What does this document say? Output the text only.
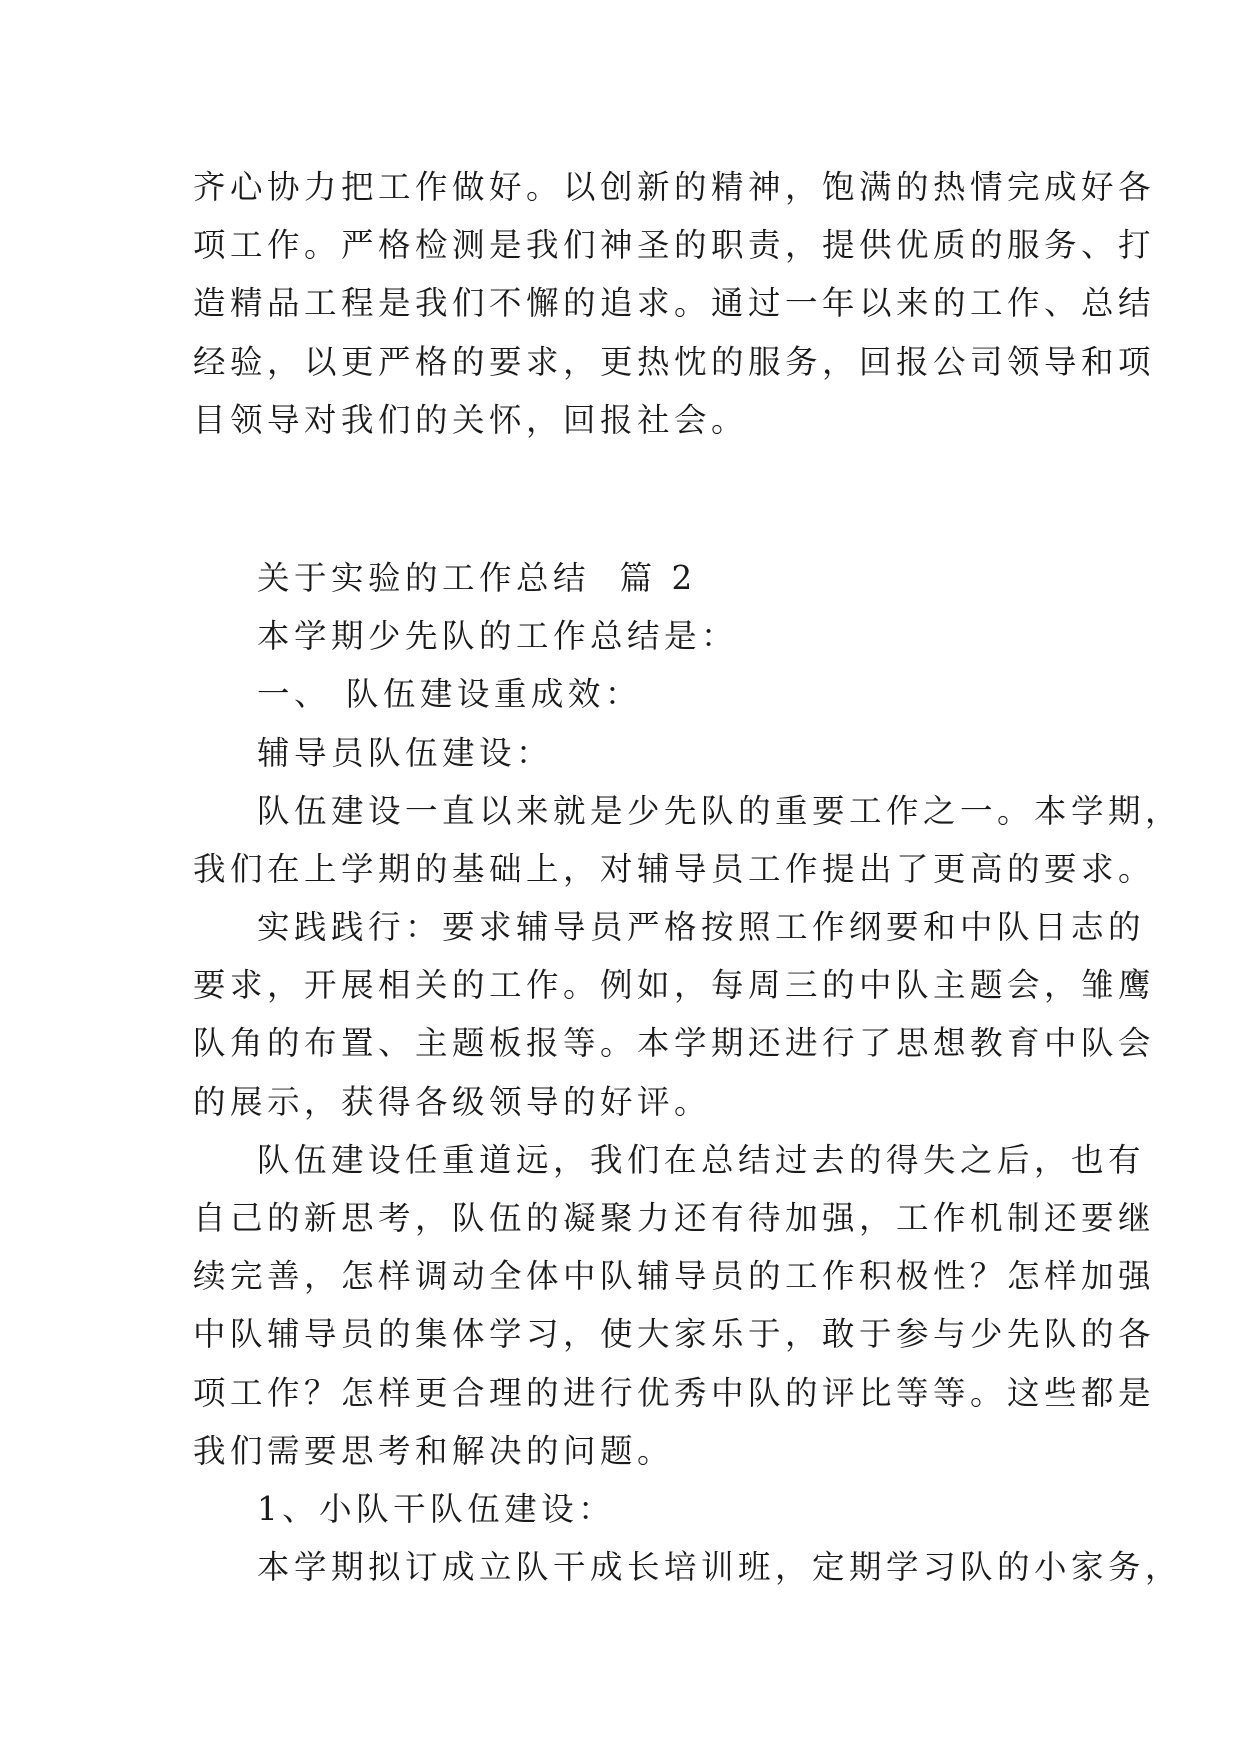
齐心协力把工作做好。以创新的精神，饱满的热情完成好各
项工作。严格检测是我们神圣的职责，提供优质的服务、打
造精品工程是我们不懈的追求。通过一年以来的工作、总结
经验，以更严格的要求，更热忱的服务，回报公司领导和项
目领导对我们的关怀，回报社会。
关于实验的工作总结  篇 2
本学期少先队的工作总结是：
一、 队伍建设重成效：
辅导员队伍建设：
队伍建设一直以来就是少先队的重要工作之一。本学期，
我们在上学期的基础上，对辅导员工作提出了更高的要求。
实践践行：要求辅导员严格按照工作纲要和中队日志的
要求，开展相关的工作。例如，每周三的中队主题会，雏鹰
队角的布置、主题板报等。本学期还进行了思想教育中队会
的展示，获得各级领导的好评。
队伍建设任重道远，我们在总结过去的得失之后，也有
自己的新思考，队伍的凝聚力还有待加强，工作机制还要继
续完善，怎样调动全体中队辅导员的工作积极性？怎样加强
中队辅导员的集体学习，使大家乐于，敢于参与少先队的各
项工作？怎样更合理的进行优秀中队的评比等等。这些都是
我们需要思考和解决的问题。
1、小队干队伍建设：
本学期拟订成立队干成长培训班，定期学习队的小家务，
